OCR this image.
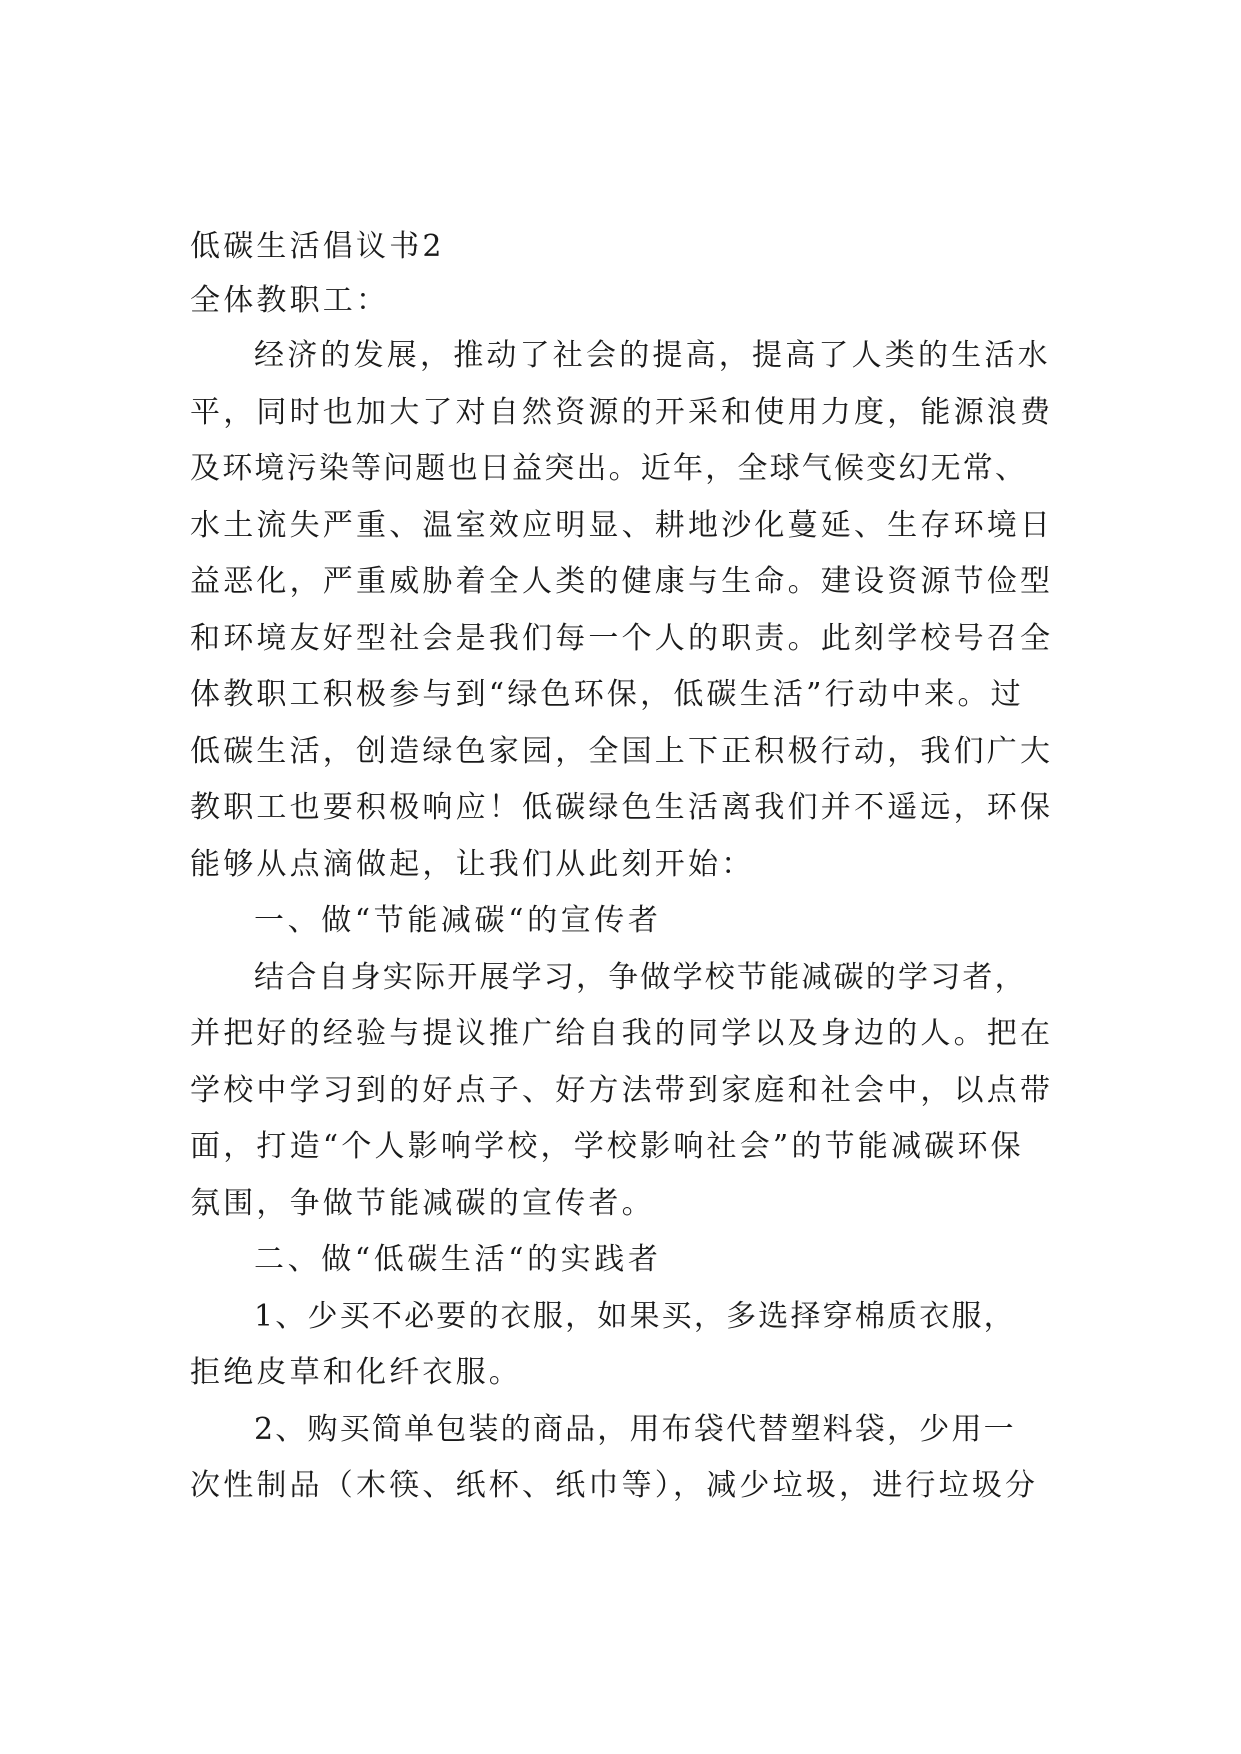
低碳生活倡议书2
全体教职工：
经济的发展，推动了社会的提高，提高了人类的生活水
平，同时也加大了对自然资源的开采和使用力度，能源浪费
及环境污染等问题也日益突出。近年，全球气候变幻无常、
水土流失严重、温室效应明显、耕地沙化蔓延、生存环境日
益恶化，严重威胁着全人类的健康与生命。建设资源节俭型
和环境友好型社会是我们每一个人的职责。此刻学校号召全
体教职工积极参与到“绿色环保，低碳生活”行动中来。过
低碳生活，创造绿色家园，全国上下正积极行动，我们广大
教职工也要积极响应！低碳绿色生活离我们并不遥远，环保
能够从点滴做起，让我们从此刻开始：
一、做“节能减碳“的宣传者
结合自身实际开展学习，争做学校节能减碳的学习者，
并把好的经验与提议推广给自我的同学以及身边的人。把在
学校中学习到的好点子、好方法带到家庭和社会中，以点带
面，打造“个人影响学校，学校影响社会”的节能减碳环保
氛围，争做节能减碳的宣传者。
二、做“低碳生活“的实践者
1、少买不必要的衣服，如果买，多选择穿棉质衣服，
拒绝皮草和化纤衣服。
2、购买简单包装的商品，用布袋代替塑料袋，少用一
次性制品（木筷、纸杯、纸巾等），减少垃圾，进行垃圾分
